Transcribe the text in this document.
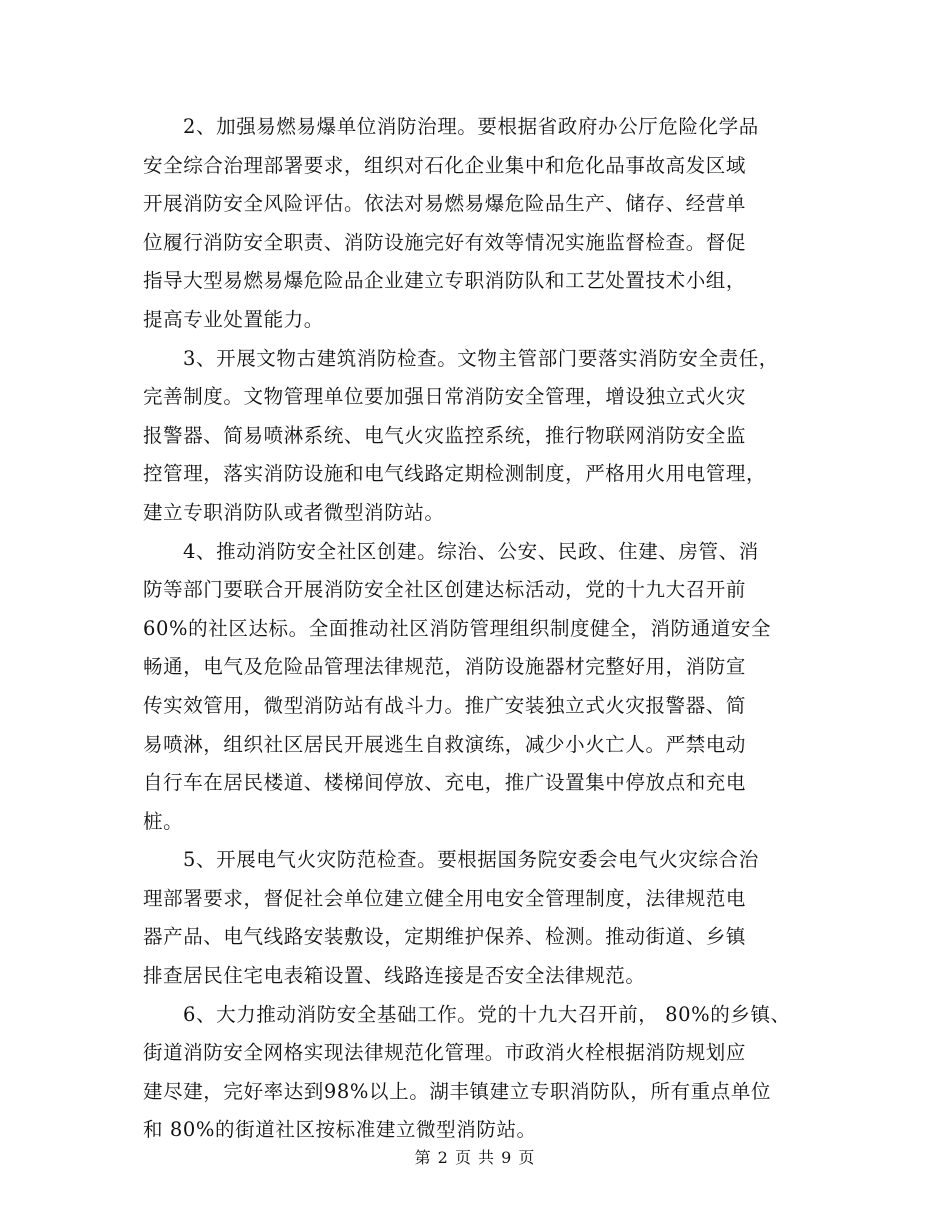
2、加强易燃易爆单位消防治理。要根据省政府办公厅危险化学品
安全综合治理部署要求，组织对石化企业集中和危化品事故高发区域
开展消防安全风险评估。依法对易燃易爆危险品生产、储存、经营单
位履行消防安全职责、消防设施完好有效等情况实施监督检查。督促
指导大型易燃易爆危险品企业建立专职消防队和工艺处置技术小组，
提高专业处置能力。
3、开展文物古建筑消防检查。文物主管部门要落实消防安全责任，
完善制度。文物管理单位要加强日常消防安全管理，增设独立式火灾
报警器、简易喷淋系统、电气火灾监控系统，推行物联网消防安全监
控管理，落实消防设施和电气线路定期检测制度，严格用火用电管理，
建立专职消防队或者微型消防站。
4、推动消防安全社区创建。综治、公安、民政、住建、房管、消
防等部门要联合开展消防安全社区创建达标活动，党的十九大召开前
60%的社区达标。全面推动社区消防管理组织制度健全，消防通道安全
畅通，电气及危险品管理法律规范，消防设施器材完整好用，消防宣
传实效管用，微型消防站有战斗力。推广安装独立式火灾报警器、简
易喷淋，组织社区居民开展逃生自救演练，减少小火亡人。严禁电动
自行车在居民楼道、楼梯间停放、充电，推广设置集中停放点和充电
桩。
5、开展电气火灾防范检查。要根据国务院安委会电气火灾综合治
理部署要求，督促社会单位建立健全用电安全管理制度，法律规范电
器产品、电气线路安装敷设，定期维护保养、检测。推动街道、乡镇
排查居民住宅电表箱设置、线路连接是否安全法律规范。
6、大力推动消防安全基础工作。党的十九大召开前， 80%的乡镇、
街道消防安全网格实现法律规范化管理。市政消火栓根据消防规划应
建尽建，完好率达到98%以上。湖丰镇建立专职消防队，所有重点单位
和 80%的街道社区按标准建立微型消防站。
第 2 页 共 9 页
